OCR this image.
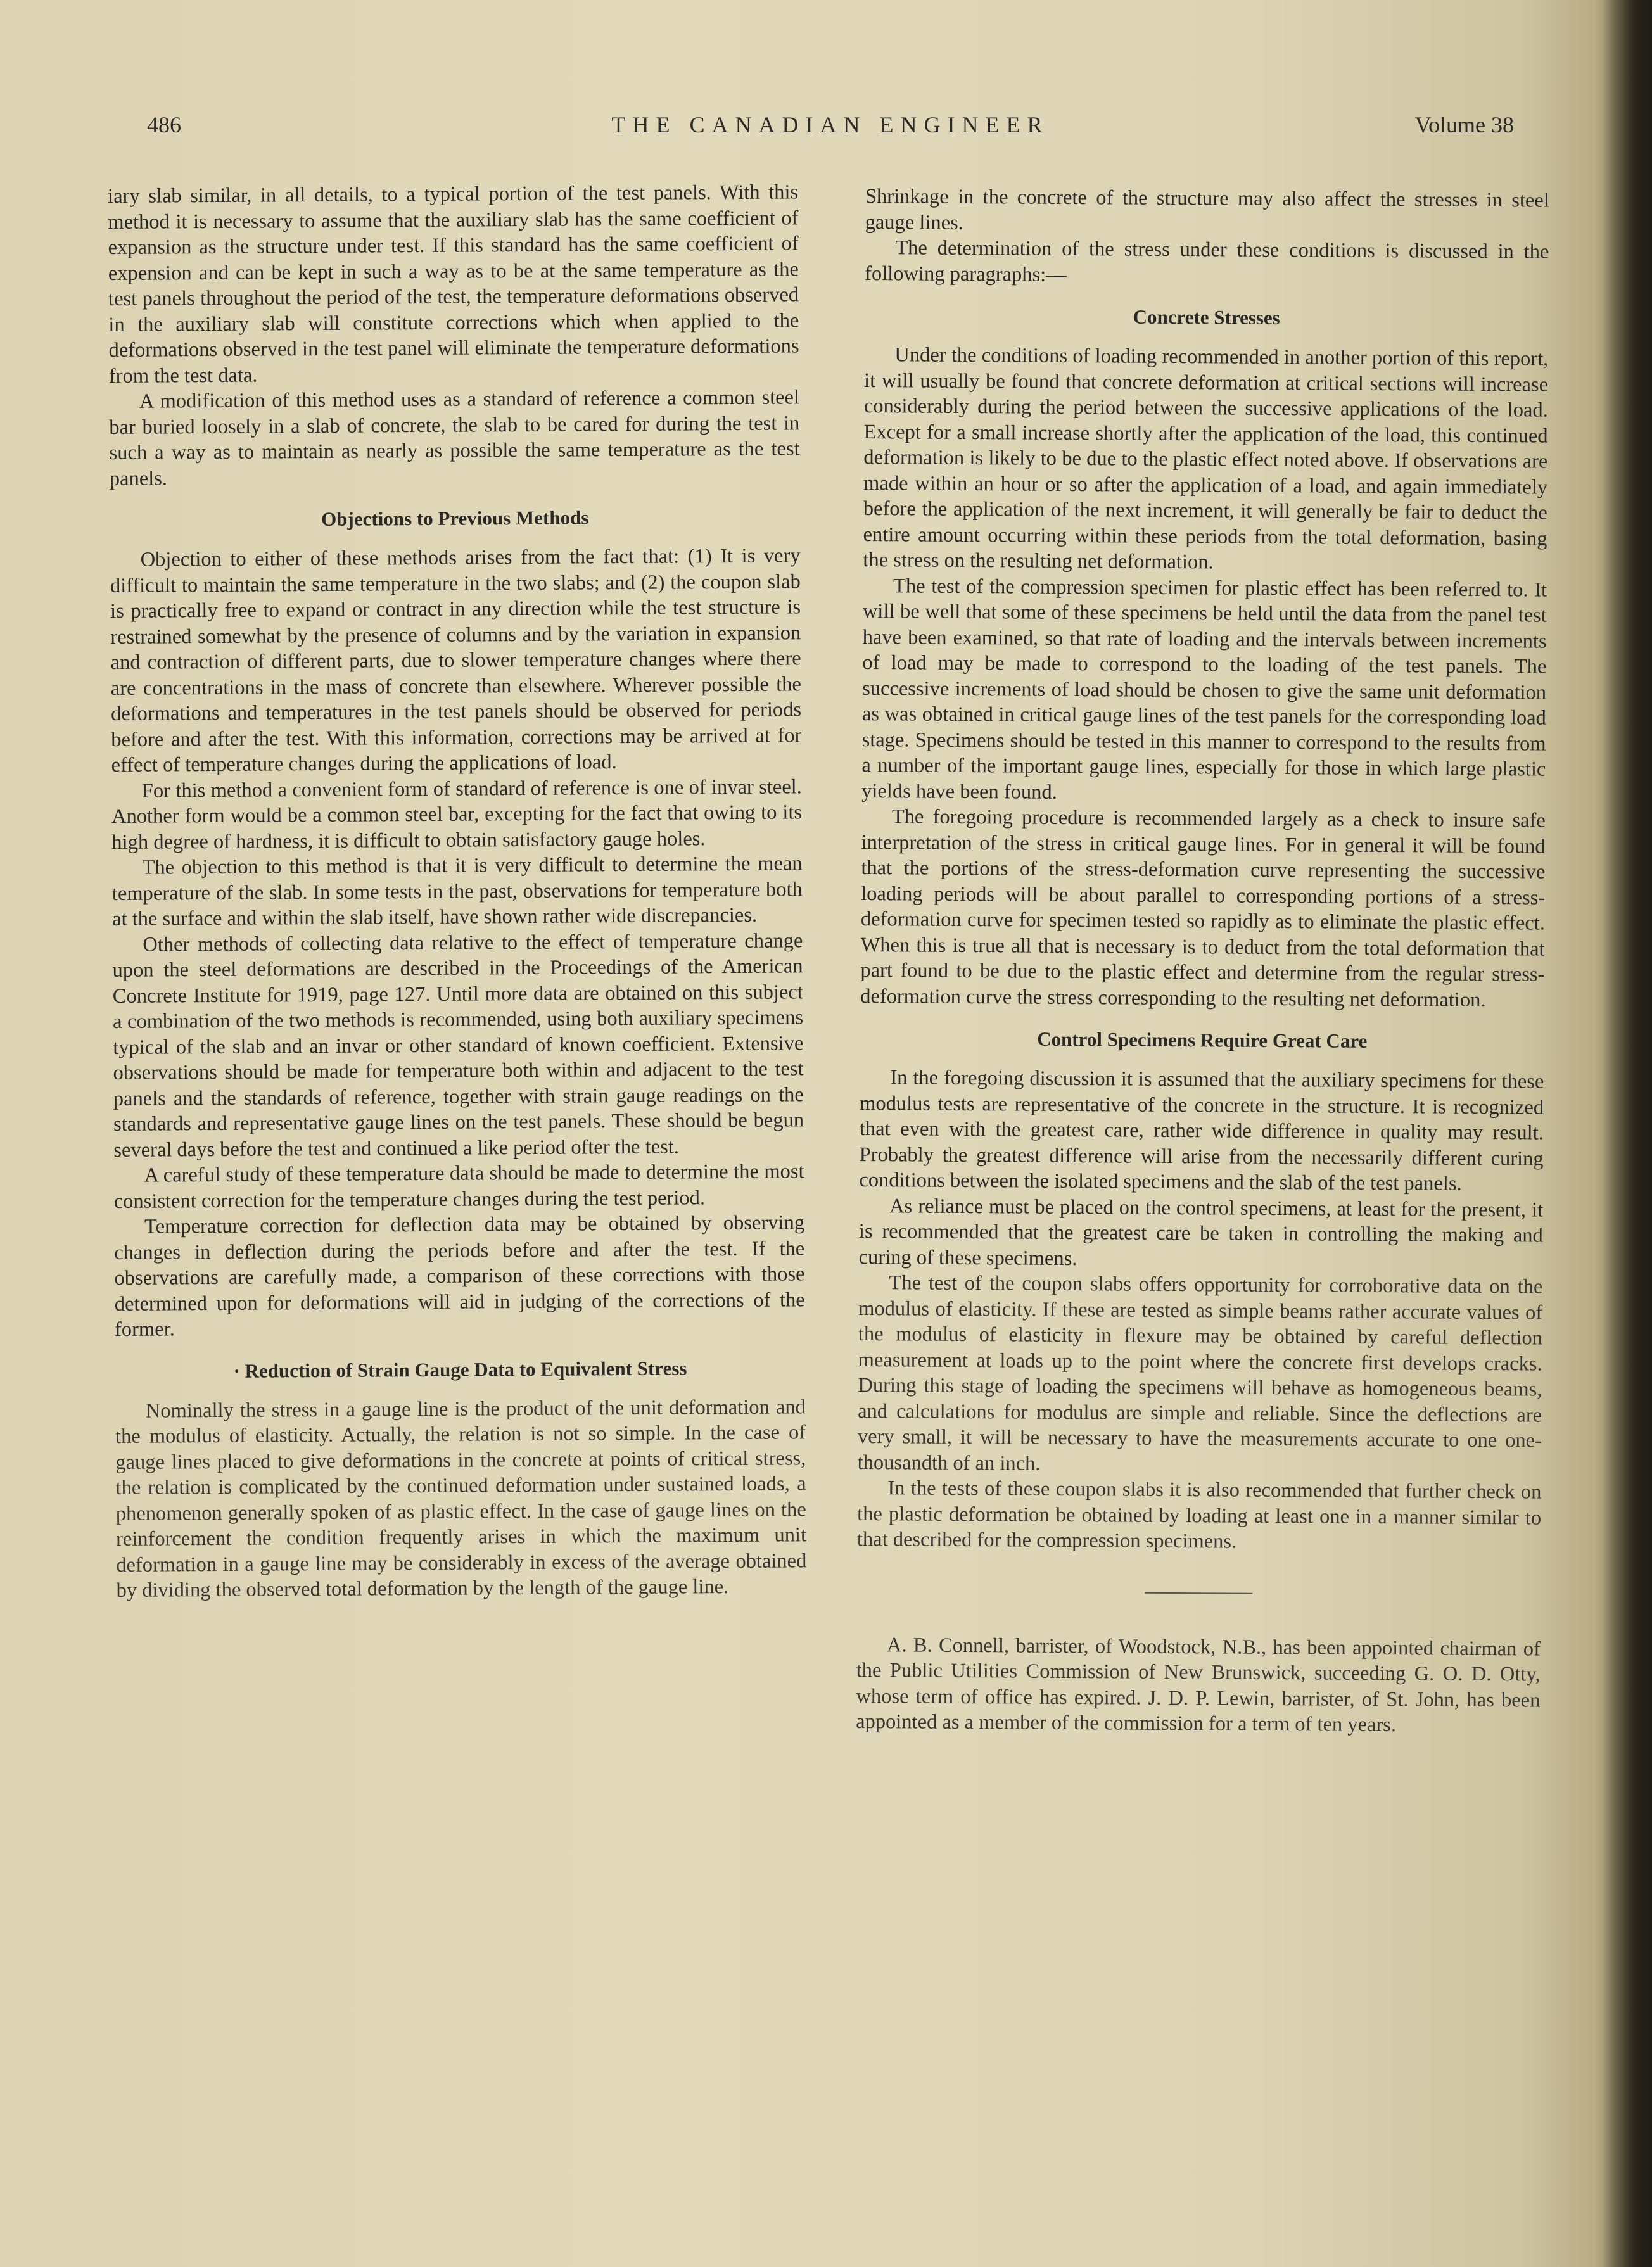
486	THE CANADIAN ENGINEER	Volume 38

iary slab similar, in all details, to a typical portion of the test panels. With this method it is necessary to assume that the auxiliary slab has the same coefficient of expansion as the structure under test. If this standard has the same coefficient of expension and can be kept in such a way as to be at the same temperature as the test panels throughout the period of the test, the temperature deformations observed in the auxiliary slab will constitute corrections which when applied to the deformations observed in the test panel will eliminate the temperature deformations from the test data.

A modification of this method uses as a standard of reference a common steel bar buried loosely in a slab of concrete, the slab to be cared for during the test in such a way as to maintain as nearly as possible the same temperature as the test panels.

Objections to Previous Methods

Objection to either of these methods arises from the fact that: (1) It is very difficult to maintain the same temperature in the two slabs; and (2) the coupon slab is practically free to expand or contract in any direction while the test structure is restrained somewhat by the presence of columns and by the variation in expansion and contraction of different parts, due to slower temperature changes where there are concentrations in the mass of concrete than elsewhere. Wherever possible the deformations and temperatures in the test panels should be observed for periods before and after the test. With this information, corrections may be arrived at for effect of temperature changes during the applications of load.

For this method a convenient form of standard of reference is one of invar steel. Another form would be a common steel bar, excepting for the fact that owing to its high degree of hardness, it is difficult to obtain satisfactory gauge holes.

The objection to this method is that it is very difficult to determine the mean temperature of the slab. In some tests in the past, observations for temperature both at the surface and within the slab itself, have shown rather wide discrepancies.

Other methods of collecting data relative to the effect of temperature change upon the steel deformations are described in the Proceedings of the American Concrete Institute for 1919, page 127. Until more data are obtained on this subject a combination of the two methods is recommended, using both auxiliary specimens typical of the slab and an invar or other standard of known coefficient. Extensive observations should be made for temperature both within and adjacent to the test panels and the standards of reference, together with strain gauge readings on the standards and representative gauge lines on the test panels. These should be begun several days before the test and continued a like period ofter the test.

A careful study of these temperature data should be made to determine the most consistent correction for the temperature changes during the test period.

Temperature correction for deflection data may be obtained by observing changes in deflection during the periods before and after the test. If the observations are carefully made, a comparison of these corrections with those determined upon for deformations will aid in judging of the corrections of the former.

· Reduction of Strain Gauge Data to Equivalent Stress

Nominally the stress in a gauge line is the product of the unit deformation and the modulus of elasticity. Actually, the relation is not so simple. In the case of gauge lines placed to give deformations in the concrete at points of critical stress, the relation is complicated by the continued deformation under sustained loads, a phenomenon generally spoken of as plastic effect. In the case of gauge lines on the reinforcement the condition frequently arises in which the maximum unit deformation in a gauge line may be considerably in excess of the average obtained by dividing the observed total deformation by the length of the gauge line.

Shrinkage in the concrete of the structure may also affect the stresses in steel gauge lines.

The determination of the stress under these conditions is discussed in the following paragraphs:—

Concrete Stresses

Under the conditions of loading recommended in another portion of this report, it will usually be found that concrete deformation at critical sections will increase considerably during the period between the successive applications of the load. Except for a small increase shortly after the application of the load, this continued deformation is likely to be due to the plastic effect noted above. If observations are made within an hour or so after the application of a load, and again immediately before the application of the next increment, it will generally be fair to deduct the entire amount occurring within these periods from the total deformation, basing the stress on the resulting net deformation.

The test of the compression specimen for plastic effect has been referred to. It will be well that some of these specimens be held until the data from the panel test have been examined, so that rate of loading and the intervals between increments of load may be made to correspond to the loading of the test panels. The successive increments of load should be chosen to give the same unit deformation as was obtained in critical gauge lines of the test panels for the corresponding load stage. Specimens should be tested in this manner to correspond to the results from a number of the important gauge lines, especially for those in which large plastic yields have been found.

The foregoing procedure is recommended largely as a check to insure safe interpretation of the stress in critical gauge lines. For in general it will be found that the portions of the stress-deformation curve representing the successive loading periods will be about parallel to corresponding portions of a stress-deformation curve for specimen tested so rapidly as to eliminate the plastic effect. When this is true all that is necessary is to deduct from the total deformation that part found to be due to the plastic effect and determine from the regular stress-deformation curve the stress corresponding to the resulting net deformation.

Control Specimens Require Great Care

In the foregoing discussion it is assumed that the auxiliary specimens for these modulus tests are representative of the concrete in the structure. It is recognized that even with the greatest care, rather wide difference in quality may result. Probably the greatest difference will arise from the necessarily different curing conditions between the isolated specimens and the slab of the test panels.

As reliance must be placed on the control specimens, at least for the present, it is recommended that the greatest care be taken in controlling the making and curing of these specimens.

The test of the coupon slabs offers opportunity for corroborative data on the modulus of elasticity. If these are tested as simple beams rather accurate values of the modulus of elasticity in flexure may be obtained by careful deflection measurement at loads up to the point where the concrete first develops cracks. During this stage of loading the specimens will behave as homogeneous beams, and calculations for modulus are simple and reliable. Since the deflections are very small, it will be necessary to have the measurements accurate to one one-thousandth of an inch.

In the tests of these coupon slabs it is also recommended that further check on the plastic deformation be obtained by loading at least one in a manner similar to that described for the compression specimens.

A. B. Connell, barrister, of Woodstock, N.B., has been appointed chairman of the Public Utilities Commission of New Brunswick, succeeding G. O. D. Otty, whose term of office has expired. J. D. P. Lewin, barrister, of St. John, has been appointed as a member of the commission for a term of ten years.
